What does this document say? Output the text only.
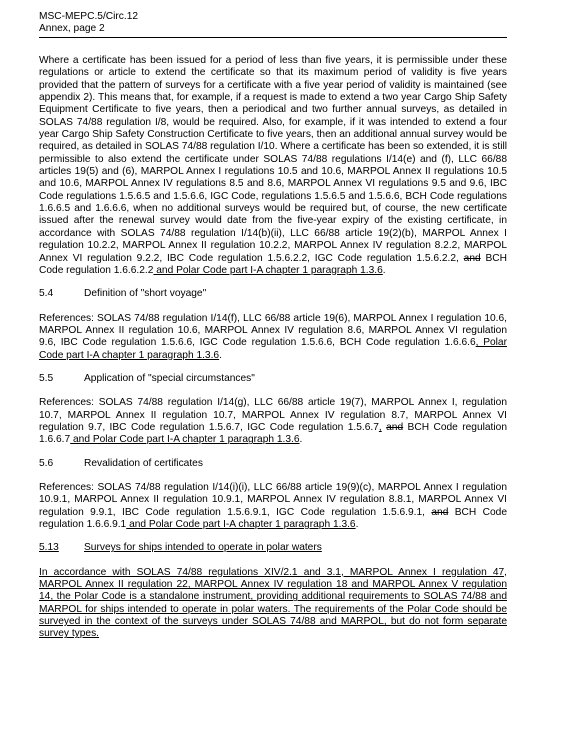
MSC-MEPC.5/Circ.12
Annex, page 2

Where a certificate has been issued for a period of less than five years, it is permissible under these regulations or article to extend the certificate so that its maximum period of validity is five years provided that the pattern of surveys for a certificate with a five year period of validity is maintained (see appendix 2). This means that, for example, if a request is made to extend a two year Cargo Ship Safety Equipment Certificate to five years, then a periodical and two further annual surveys, as detailed in SOLAS 74/88 regulation I/8, would be required. Also, for example, if it was intended to extend a four year Cargo Ship Safety Construction Certificate to five years, then an additional annual survey would be required, as detailed in SOLAS 74/88 regulation I/10. Where a certificate has been so extended, it is still permissible to also extend the certificate under SOLAS 74/88 regulations I/14(e) and (f), LLC 66/88 articles 19(5) and (6), MARPOL Annex I regulations 10.5 and 10.6, MARPOL Annex II regulations 10.5 and 10.6, MARPOL Annex IV regulations 8.5 and 8.6, MARPOL Annex VI regulations 9.5 and 9.6, IBC Code regulations 1.5.6.5 and 1.5.6.6, IGC Code, regulations 1.5.6.5 and 1.5.6.6, BCH Code regulations 1.6.6.5 and 1.6.6.6, when no additional surveys would be required but, of course, the new certificate issued after the renewal survey would date from the five-year expiry of the existing certificate, in accordance with SOLAS 74/88 regulation I/14(b)(ii), LLC 66/88 article 19(2)(b), MARPOL Annex I regulation 10.2.2, MARPOL Annex II regulation 10.2.2, MARPOL Annex IV regulation 8.2.2, MARPOL Annex VI regulation 9.2.2, IBC Code regulation 1.5.6.2.2, IGC Code regulation 1.5.6.2.2, and BCH Code regulation 1.6.6.2.2 and Polar Code part I-A chapter 1 paragraph 1.3.6.

5.4	Definition of "short voyage"

References: SOLAS 74/88 regulation I/14(f), LLC 66/88 article 19(6), MARPOL Annex I regulation 10.6, MARPOL Annex II regulation 10.6, MARPOL Annex IV regulation 8.6, MARPOL Annex VI regulation 9.6, IBC Code regulation 1.5.6.6, IGC Code regulation 1.5.6.6, BCH Code regulation 1.6.6.6, Polar Code part I-A chapter 1 paragraph 1.3.6.

5.5	Application of "special circumstances"

References: SOLAS 74/88 regulation I/14(g), LLC 66/88 article 19(7), MARPOL Annex I, regulation 10.7, MARPOL Annex II regulation 10.7, MARPOL Annex IV regulation 8.7, MARPOL Annex VI regulation 9.7, IBC Code regulation 1.5.6.7, IGC Code regulation 1.5.6.7, and BCH Code regulation 1.6.6.7 and Polar Code part I-A chapter 1 paragraph 1.3.6.

5.6	Revalidation of certificates

References: SOLAS 74/88 regulation I/14(i)(i), LLC 66/88 article 19(9)(c), MARPOL Annex I regulation 10.9.1, MARPOL Annex II regulation 10.9.1, MARPOL Annex IV regulation 8.8.1, MARPOL Annex VI regulation 9.9.1, IBC Code regulation 1.5.6.9.1, IGC Code regulation 1.5.6.9.1, and BCH Code regulation 1.6.6.9.1 and Polar Code part I-A chapter 1 paragraph 1.3.6.

5.13	Surveys for ships intended to operate in polar waters

In accordance with SOLAS 74/88 regulations XIV/2.1 and 3.1, MARPOL Annex I regulation 47, MARPOL Annex II regulation 22, MARPOL Annex IV regulation 18 and MARPOL Annex V regulation 14, the Polar Code is a standalone instrument, providing additional requirements to SOLAS 74/88 and MARPOL for ships intended to operate in polar waters. The requirements of the Polar Code should be surveyed in the context of the surveys under SOLAS 74/88 and MARPOL, but do not form separate survey types.
